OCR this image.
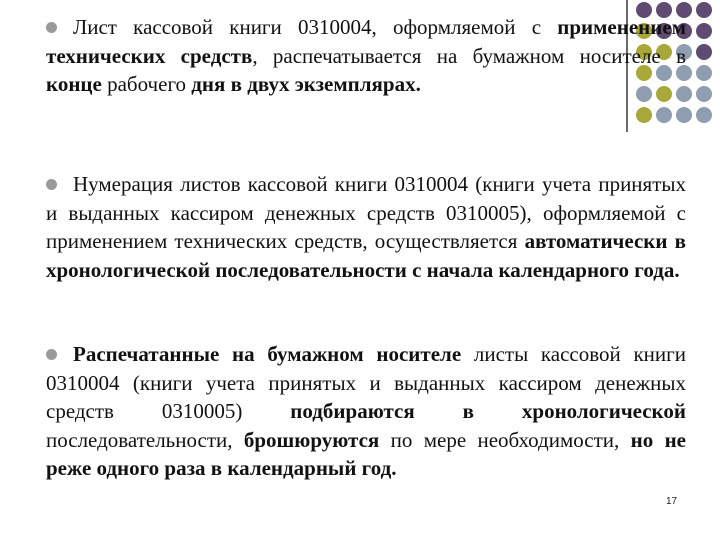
Лист кассовой книги 0310004, оформляемой с применением технических средств, распечатывается на бумажном носителе в конце рабочего дня в двух экземплярах.
Нумерация листов кассовой книги 0310004 (книги учета принятых и выданных кассиром денежных средств 0310005), оформляемой с применением технических средств, осуществляется автоматически в хронологической последовательности с начала календарного года.
Распечатанные на бумажном носителе листы кассовой книги 0310004 (книги учета принятых и выданных кассиром денежных средств 0310005) подбираются в хронологической последовательности, брошюруются по мере необходимости, но не реже одного раза в календарный год.
17
